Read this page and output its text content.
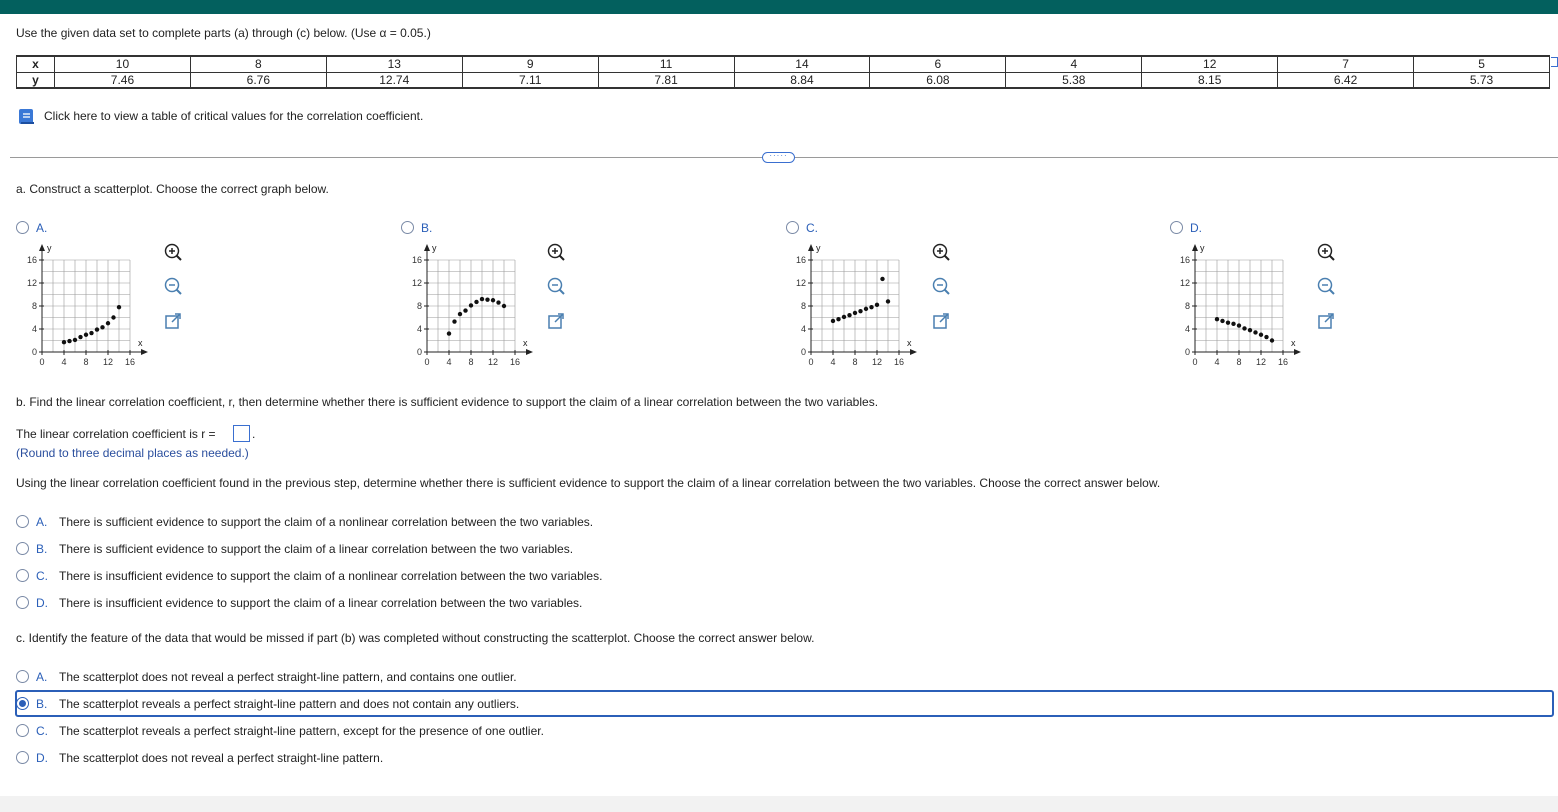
Use the given data set to complete parts (a) through (c) below. (Use α = 0.05.)
x	10	8	13	9	11	14	6	4	12	7	5
y	7.46	6.76	12.74	7.11	7.81	8.84	6.08	5.38	8.15	6.42	5.73
Click here to view a table of critical values for the correlation coefficient.
·····
a. Construct a scatterplot. Choose the correct graph below.
A.	B.	C.	D.
y
x
16
12
8
4
0
0 4 8 12 16
y
x
16
12
8
4
0
0 4 8 12 16
y
x
16
12
8
4
0
0 4 8 12 16
y
x
16
12
8
4
0
0 4 8 12 16
b. Find the linear correlation coefficient, r, then determine whether there is sufficient evidence to support the claim of a linear correlation between the two variables.
The linear correlation coefficient is r =	.
(Round to three decimal places as needed.)
Using the linear correlation coefficient found in the previous step, determine whether there is sufficient evidence to support the claim of a linear correlation between the two variables. Choose the correct answer below.
A. There is sufficient evidence to support the claim of a nonlinear correlation between the two variables.
B. There is sufficient evidence to support the claim of a linear correlation between the two variables.
C. There is insufficient evidence to support the claim of a nonlinear correlation between the two variables.
D. There is insufficient evidence to support the claim of a linear correlation between the two variables.
c. Identify the feature of the data that would be missed if part (b) was completed without constructing the scatterplot. Choose the correct answer below.
A. The scatterplot does not reveal a perfect straight-line pattern, and contains one outlier.
B. The scatterplot reveals a perfect straight-line pattern and does not contain any outliers.
C. The scatterplot reveals a perfect straight-line pattern, except for the presence of one outlier.
D. The scatterplot does not reveal a perfect straight-line pattern.
